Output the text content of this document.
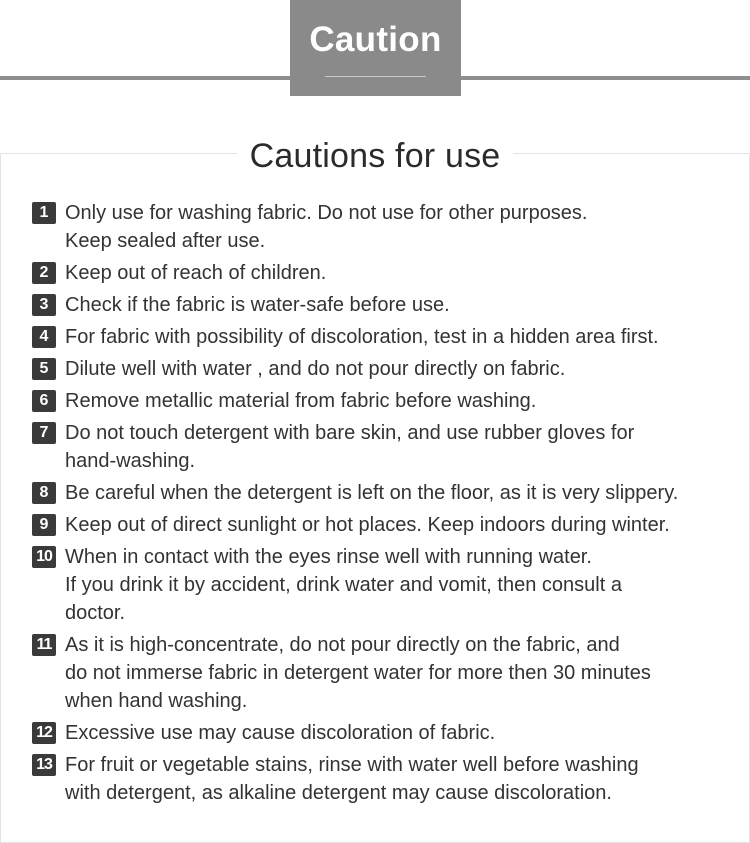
Caution
Cautions for use
1 Only use for washing fabric. Do not use for other purposes.
Keep sealed after use.
2 Keep out of reach of children.
3 Check if the fabric is water-safe before use.
4 For fabric with possibility of discoloration, test in a hidden area first.
5 Dilute well with water , and do not pour directly on fabric.
6 Remove metallic material from fabric before washing.
7 Do not touch detergent with bare skin, and use rubber gloves for
hand-washing.
8 Be careful when the detergent is left on the floor, as it is very slippery.
9 Keep out of direct sunlight or hot places. Keep indoors during winter.
10 When in contact with the eyes rinse well with running water.
If you drink it by accident, drink water and vomit, then consult a
doctor.
11 As it is high-concentrate, do not pour directly on the fabric, and
do not immerse fabric in detergent water for more then 30 minutes
when hand washing.
12 Excessive use may cause discoloration of fabric.
13 For fruit or vegetable stains, rinse with water well before washing
with detergent, as alkaline detergent may cause discoloration.
